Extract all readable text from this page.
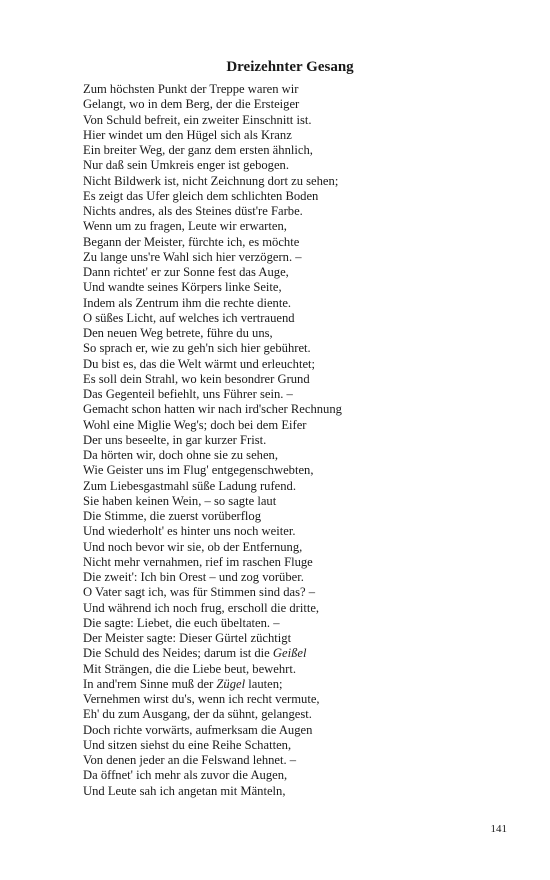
Dreizehnter Gesang
Zum höchsten Punkt der Treppe waren wir
Gelangt, wo in dem Berg, der die Ersteiger
Von Schuld befreit, ein zweiter Einschnitt ist.
Hier windet um den Hügel sich als Kranz
Ein breiter Weg, der ganz dem ersten ähnlich,
Nur daß sein Umkreis enger ist gebogen.
Nicht Bildwerk ist, nicht Zeichnung dort zu sehen;
Es zeigt das Ufer gleich dem schlichten Boden
Nichts andres, als des Steines düst're Farbe.
Wenn um zu fragen, Leute wir erwarten,
Begann der Meister, fürchte ich, es möchte
Zu lange uns're Wahl sich hier verzögern. –
Dann richtet' er zur Sonne fest das Auge,
Und wandte seines Körpers linke Seite,
Indem als Zentrum ihm die rechte diente.
O süßes Licht, auf welches ich vertrauend
Den neuen Weg betrete, führe du uns,
So sprach er, wie zu geh'n sich hier gebühret.
Du bist es, das die Welt wärmt und erleuchtet;
Es soll dein Strahl, wo kein besondrer Grund
Das Gegenteil befiehlt, uns Führer sein. –
Gemacht schon hatten wir nach ird'scher Rechnung
Wohl eine Miglie Weg's; doch bei dem Eifer
Der uns beseelte, in gar kurzer Frist.
Da hörten wir, doch ohne sie zu sehen,
Wie Geister uns im Flug' entgegenschwebten,
Zum Liebesgastmahl süße Ladung rufend.
Sie haben keinen Wein, – so sagte laut
Die Stimme, die zuerst vorüberflog
Und wiederholt' es hinter uns noch weiter.
Und noch bevor wir sie, ob der Entfernung,
Nicht mehr vernahmen, rief im raschen Fluge
Die zweit': Ich bin Orest – und zog vorüber.
O Vater sagt ich, was für Stimmen sind das? –
Und während ich noch frug, erscholl die dritte,
Die sagte: Liebet, die euch übeltaten. –
Der Meister sagte: Dieser Gürtel züchtigt
Die Schuld des Neides; darum ist die Geißel
Mit Strängen, die die Liebe beut, bewehrt.
In and'rem Sinne muß der Zügel lauten;
Vernehmen wirst du's, wenn ich recht vermute,
Eh' du zum Ausgang, der da sühnt, gelangest.
Doch richte vorwärts, aufmerksam die Augen
Und sitzen siehst du eine Reihe Schatten,
Von denen jeder an die Felswand lehnet. –
Da öffnet' ich mehr als zuvor die Augen,
Und Leute sah ich angetan mit Mänteln,
141
